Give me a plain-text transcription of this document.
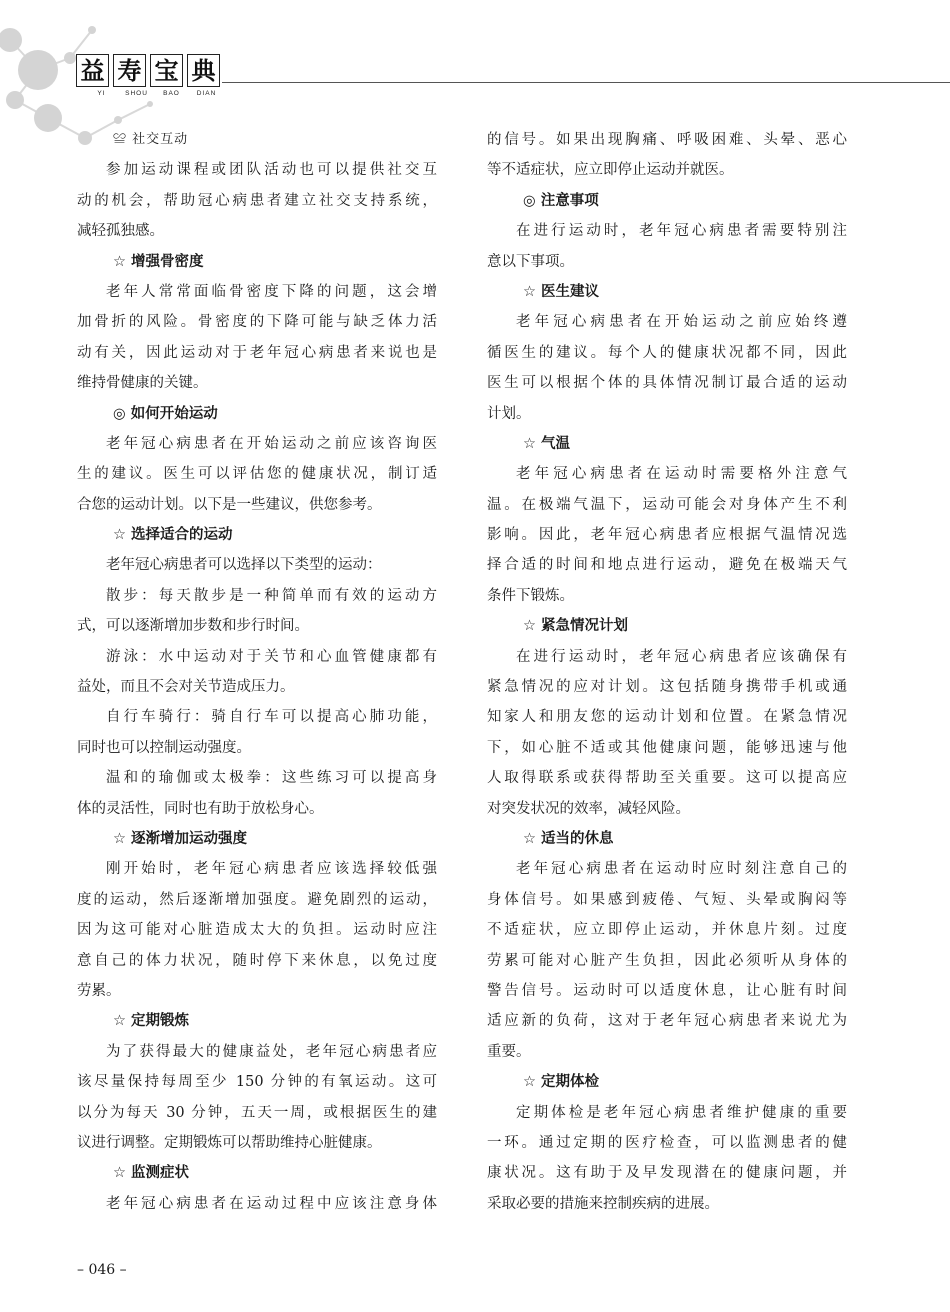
益 寿 宝 典
YI	SHOU	BAO	DIAN
≌ 社交互动
参加运动课程或团队活动也可以提供社交互
动的机会，帮助冠心病患者建立社交支持系统，
减轻孤独感。
☆ 增强骨密度
老年人常常面临骨密度下降的问题，这会增
加骨折的风险。骨密度的下降可能与缺乏体力活
动有关，因此运动对于老年冠心病患者来说也是
维持骨健康的关键。
◎ 如何开始运动
老年冠心病患者在开始运动之前应该咨询医
生的建议。医生可以评估您的健康状况，制订适
合您的运动计划。以下是一些建议，供您参考。
☆ 选择适合的运动
老年冠心病患者可以选择以下类型的运动：
散步：每天散步是一种简单而有效的运动方
式，可以逐渐增加步数和步行时间。
游泳：水中运动对于关节和心血管健康都有
益处，而且不会对关节造成压力。
自行车骑行：骑自行车可以提高心肺功能，
同时也可以控制运动强度。
温和的瑜伽或太极拳：这些练习可以提高身
体的灵活性，同时也有助于放松身心。
☆ 逐渐增加运动强度
刚开始时，老年冠心病患者应该选择较低强
度的运动，然后逐渐增加强度。避免剧烈的运动，
因为这可能对心脏造成太大的负担。运动时应注
意自己的体力状况，随时停下来休息，以免过度
劳累。
☆ 定期锻炼
为了获得最大的健康益处，老年冠心病患者应
该尽量保持每周至少 150 分钟的有氧运动。这可
以分为每天 30 分钟，五天一周，或根据医生的建
议进行调整。定期锻炼可以帮助维持心脏健康。
☆ 监测症状
老年冠心病患者在运动过程中应该注意身体
的信号。如果出现胸痛、呼吸困难、头晕、恶心
等不适症状，应立即停止运动并就医。
◎ 注意事项
在进行运动时，老年冠心病患者需要特别注
意以下事项。
☆ 医生建议
老年冠心病患者在开始运动之前应始终遵
循医生的建议。每个人的健康状况都不同，因此
医生可以根据个体的具体情况制订最合适的运动
计划。
☆ 气温
老年冠心病患者在运动时需要格外注意气
温。在极端气温下，运动可能会对身体产生不利
影响。因此，老年冠心病患者应根据气温情况选
择合适的时间和地点进行运动，避免在极端天气
条件下锻炼。
☆ 紧急情况计划
在进行运动时，老年冠心病患者应该确保有
紧急情况的应对计划。这包括随身携带手机或通
知家人和朋友您的运动计划和位置。在紧急情况
下，如心脏不适或其他健康问题，能够迅速与他
人取得联系或获得帮助至关重要。这可以提高应
对突发状况的效率，减轻风险。
☆ 适当的休息
老年冠心病患者在运动时应时刻注意自己的
身体信号。如果感到疲倦、气短、头晕或胸闷等
不适症状，应立即停止运动，并休息片刻。过度
劳累可能对心脏产生负担，因此必须听从身体的
警告信号。运动时可以适度休息，让心脏有时间
适应新的负荷，这对于老年冠心病患者来说尤为
重要。
☆ 定期体检
定期体检是老年冠心病患者维护健康的重要
一环。通过定期的医疗检查，可以监测患者的健
康状况。这有助于及早发现潜在的健康问题，并
采取必要的措施来控制疾病的进展。
– 046 –
